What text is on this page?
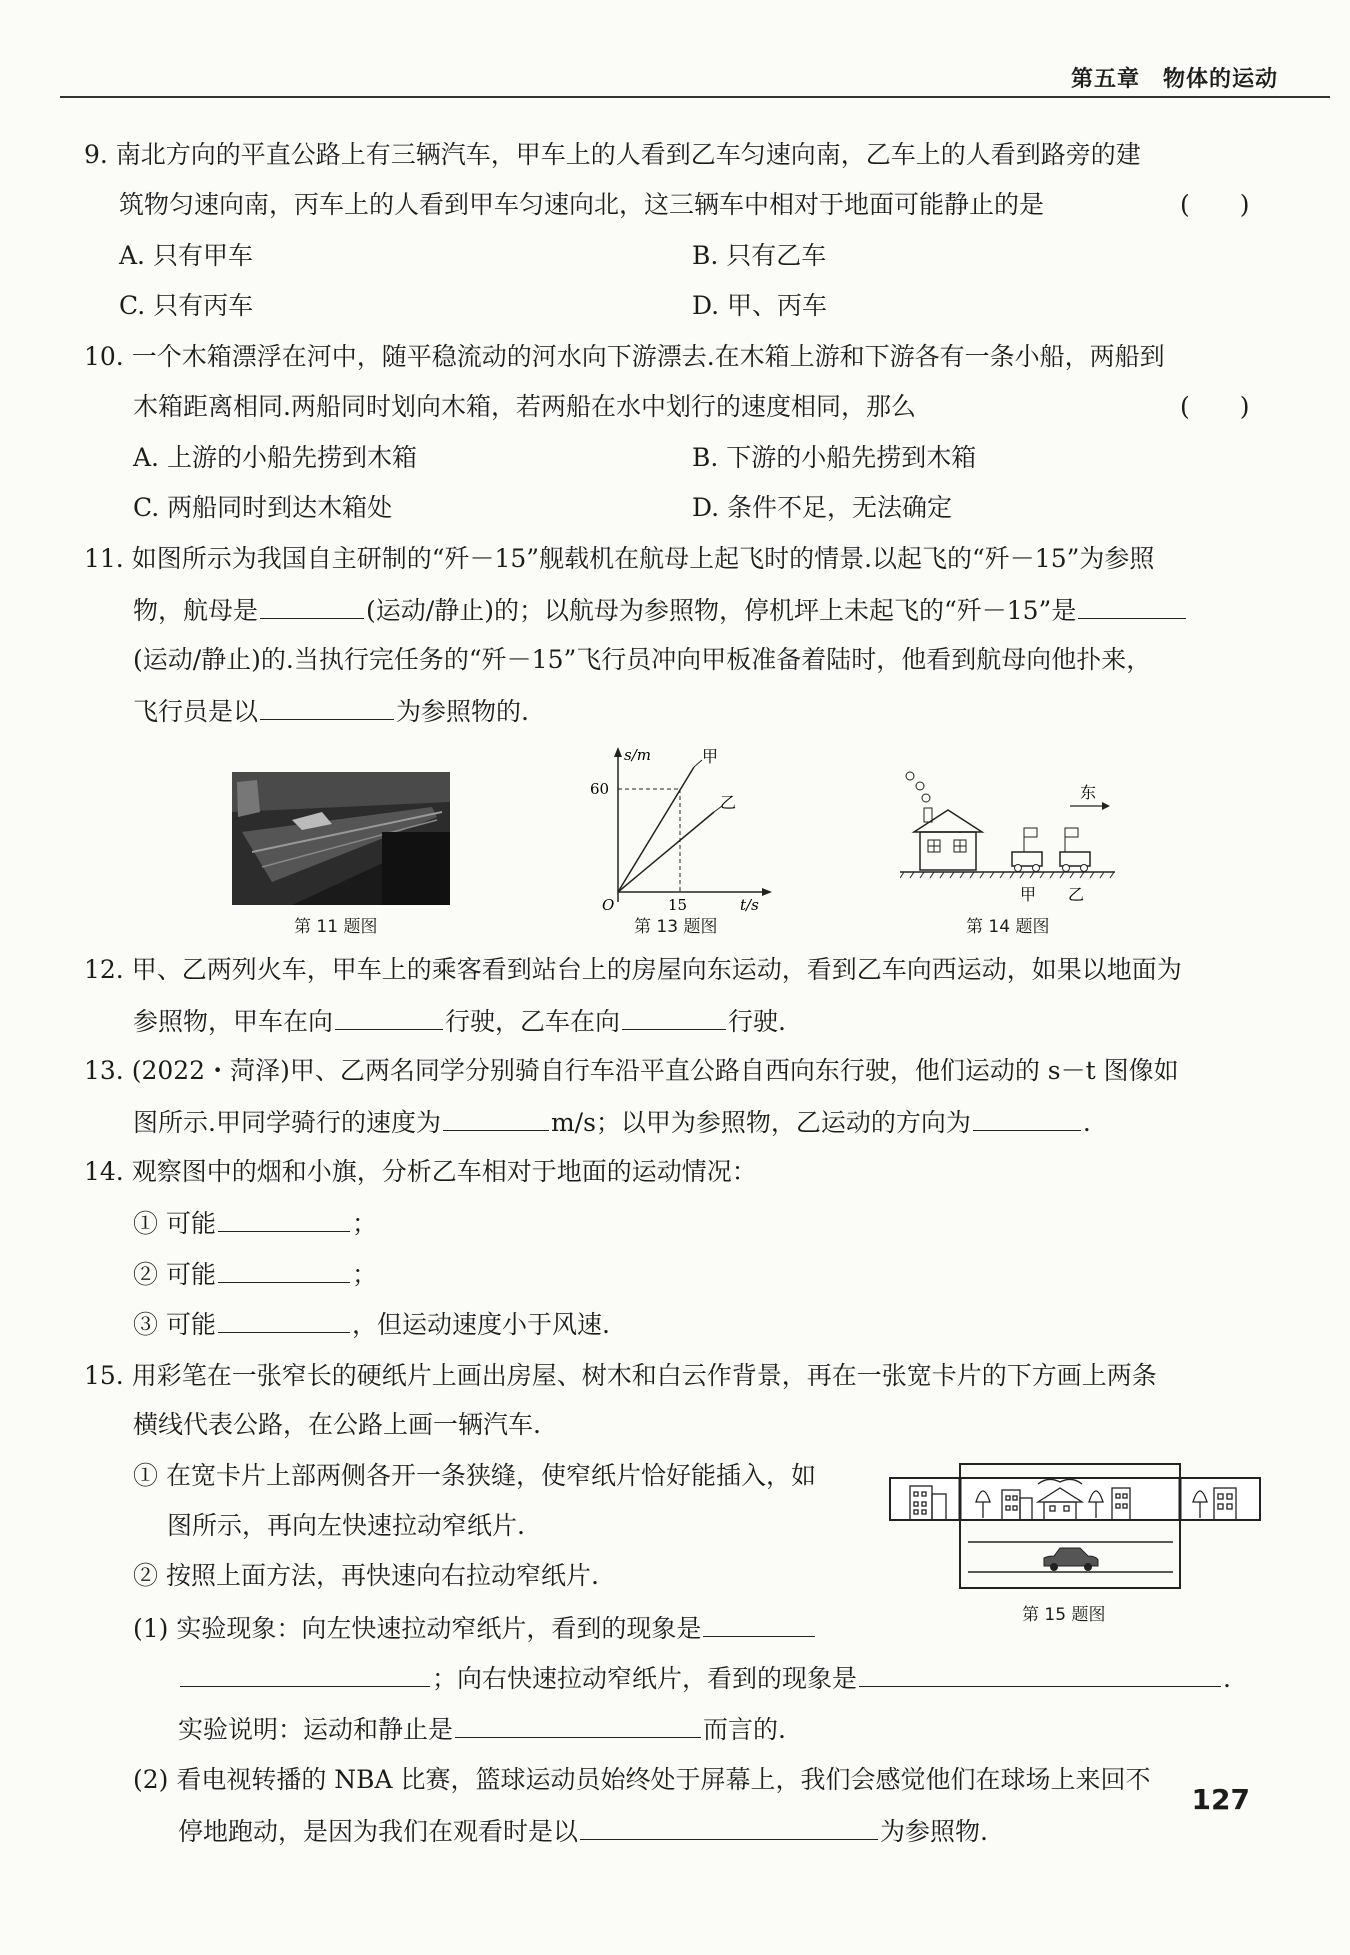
第五章　物体的运动
9. 南北方向的平直公路上有三辆汽车，甲车上的人看到乙车匀速向南，乙车上的人看到路旁的建
筑物匀速向南，丙车上的人看到甲车匀速向北，这三辆车中相对于地面可能静止的是	(　　)
A. 只有甲车	B. 只有乙车
C. 只有丙车	D. 甲、丙车
10. 一个木箱漂浮在河中，随平稳流动的河水向下游漂去.在木箱上游和下游各有一条小船，两船到
木箱距离相同.两船同时划向木箱，若两船在水中划行的速度相同，那么	(　　)
A. 上游的小船先捞到木箱	B. 下游的小船先捞到木箱
C. 两船同时到达木箱处	D. 条件不足，无法确定
11. 如图所示为我国自主研制的“歼－15”舰载机在航母上起飞时的情景.以起飞的“歼－15”为参照
物，航母是	(运动/静止)的；以航母为参照物，停机坪上未起飞的“歼－15”是
(运动/静止)的.当执行完任务的“歼－15”飞行员冲向甲板准备着陆时，他看到航母向他扑来，
飞行员是以	为参照物的.
第 11 题图
s/m
t/s
O
60
15
甲
乙
第 13 题图
东
甲 乙
第 14 题图
12. 甲、乙两列火车，甲车上的乘客看到站台上的房屋向东运动，看到乙车向西运动，如果以地面为
参照物，甲车在向	行驶，乙车在向	行驶.
13. (2022・菏泽)甲、乙两名同学分别骑自行车沿平直公路自西向东行驶，他们运动的 s－t 图像如
图所示.甲同学骑行的速度为	m/s；以甲为参照物，乙运动的方向为	.
14. 观察图中的烟和小旗，分析乙车相对于地面的运动情况：
① 可能	；
② 可能	；
③ 可能	，但运动速度小于风速.
15. 用彩笔在一张窄长的硬纸片上画出房屋、树木和白云作背景，再在一张宽卡片的下方画上两条
横线代表公路，在公路上画一辆汽车.
① 在宽卡片上部两侧各开一条狭缝，使窄纸片恰好能插入，如
图所示，再向左快速拉动窄纸片.
② 按照上面方法，再快速向右拉动窄纸片.
(1) 实验现象：向左快速拉动窄纸片，看到的现象是
；向右快速拉动窄纸片，看到的现象是	.
实验说明：运动和静止是	而言的.
(2) 看电视转播的 NBA 比赛，篮球运动员始终处于屏幕上，我们会感觉他们在球场上来回不
停地跑动，是因为我们在观看时是以	为参照物.
第 15 题图
127
